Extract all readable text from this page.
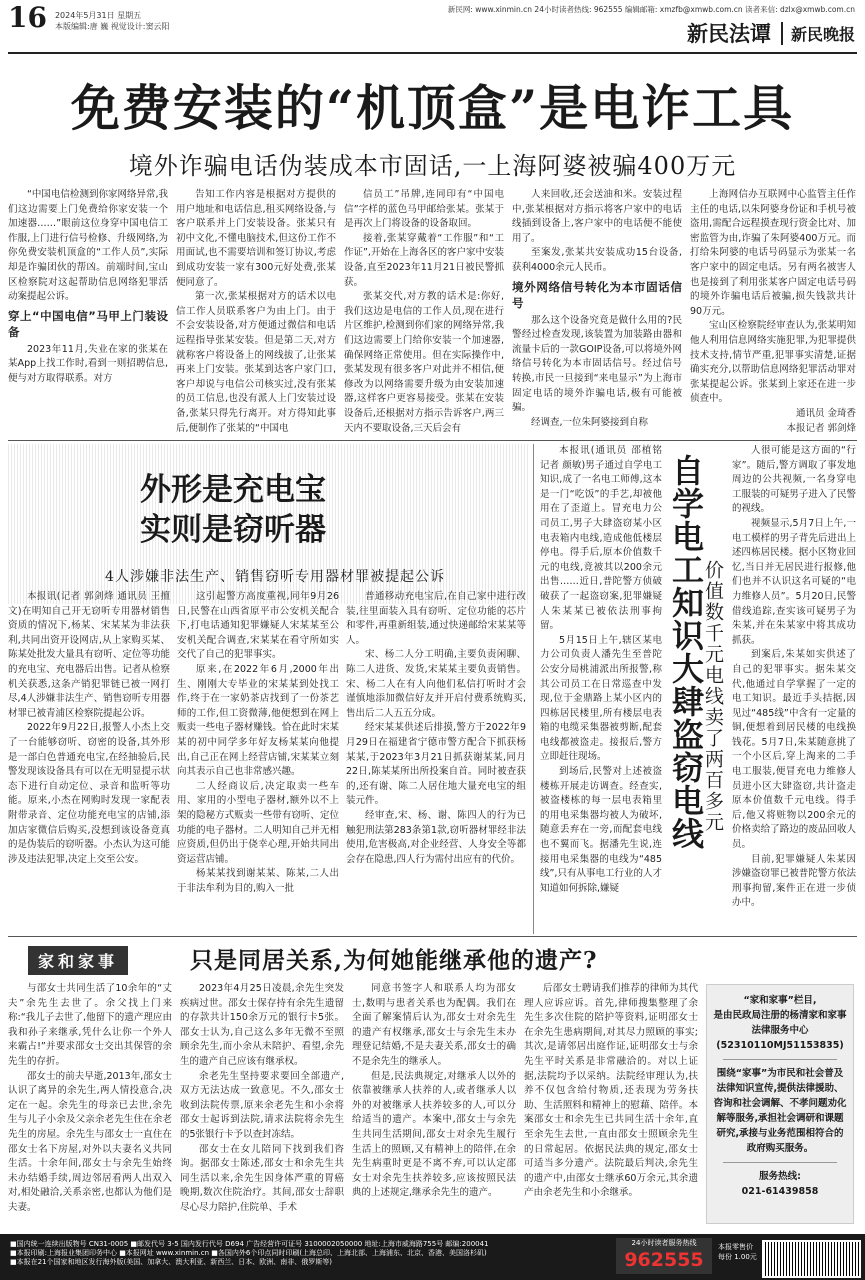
16 2024年5月31日 星期五
本版编辑:唐 巍 视觉设计:窦云阳
新民网: www.xinmin.cn 24小时读者热线: 962555 编辑邮箱: xmzfb@xmwb.com.cn 读者来信: dzlx@xmwb.com.cn
新民法谭	新民晚报
免费安装的“机顶盒”是电诈工具
境外诈骗电话伪装成本市固话,一上海阿婆被骗400万元

“中国电信检测到你家网络异常,我们这边需要上门免费给你家安装一个加速器……”眼前这位身穿中国电信工作服,上门进行信号检修、升级网络,为你免费安装机顶盒的“工作人员”,实际却是诈骗团伙的帮凶。前端时间,宝山区检察院对这起帮助信息网络犯罪活动案提起公诉。

穿上“中国电信”马甲上门装设备

2023年11月,失业在家的张某在某App上找工作时,看到一则招聘信息,便与对方取得联系。对方

告知工作内容是根据对方提供的用户地址和电话信息,租买网络设备,与客户联系并上门安装设备。张某只有初中文化,不懂电脑技术,但这份工作不用面试,也不需要培训和签订协议,考虑到成功安装一家有300元好处费,张某便同意了。

第一次,张某根据对方的话术以电信工作人员联系客户为由上门。由于不会安装设备,对方便通过微信和电话远程指导张某安装。但是第二天,对方就称客户将设备上的网线拔了,让张某再来上门安装。张某到达客户家门口,客户却说与电信公司核实过,没有张某的员工信息,也没有派人上门安装过设备,张某只得先行离开。对方得知此事后,便制作了张某的“中国电

信员工”吊牌,连同印有“中国电信”字样的蓝色马甲邮给张某。张某于是再次上门将设备的设备取回。

接着,张某穿戴着“工作服”和“工作证”,开始在上海各区的客户家中安装设备,直至2023年11月21日被民警抓获。

张某交代,对方教的话术是:你好,我们这边是电信的工作人员,现在进行片区维护,检测到你们家的网络异常,我们这边需要上门给你安装一个加速器,确保网络正常使用。但在实际操作中,张某发现有很多客户对此并不相信,便修改为以网络需要升级为由安装加速器,这样客户更容易接受。张某在安装设备后,还根据对方指示告诉客户,两三天内不要取设备,三天后会有

人来回收,还会送油和米。安装过程中,张某根据对方指示将客户家中的电话线插到设备上,客户家中的电话便不能使用了。

至案发,张某共安装成功15台设备,获利4000余元人民币。

境外网络信号转化为本市固话信号

那么这个设备究竟是做什么用的?民警经过检查发现,该装置为加装路由器和流量卡后的一款GOIP设备,可以将境外网络信号转化为本市固话信号。经过信号转换,市民一旦接到“来电显示”为上海市固定电话的境外诈骗电话,极有可能被骗。

经调查,一位朱阿婆接到自称

上海网信办互联网中心监管主任作主任的电话,以朱阿婆身份证和手机号被盗用,需配合远程摸查现行资金比对、加密监管为由,诈骗了朱阿婆400万元。而打给朱阿婆的电话号码显示为张某一名客户家中的固定电话。另有两名被害人也是接到了利用张某客户固定电话号码的境外诈骗电话后被骗,损失钱款共计90万元。

宝山区检察院经审查认为,张某明知他人利用信息网络实施犯罪,为犯罪提供技术支持,情节严重,犯罪事实清楚,证据确实充分,以帮助信息网络犯罪活动罪对张某提起公诉。张某到上家还在进一步侦查中。

通讯员 金琦香

本报记者 郭剑烽

外形是充电宝
实则是窃听器
4人涉嫌非法生产、销售窃听专用器材罪被提起公诉

本报讯(记者 郭剑烽 通讯员 王擅文)在明知自己开无窃听专用器材销售资质的情况下,杨某、宋某某为非法获利,共同出资开设网店,从上家购买某、陈某处批发大量具有窃听、定位等功能的充电宝、充电器后出售。记者从检察机关获悉,这条产销犯罪链已被一网打尽,4人涉嫌非法生产、销售窃听专用器材罪已被青浦区检察院提起公诉。

2022年9月22日,报警人小杰上交了一台能够窃听、窃密的设备,其外形是一部白色普通充电宝,在经抽验后,民警发现该设备具有可以在无明显提示状态下进行自动定位、录音和监听等功能。原来,小杰在网购时发现一家配表附带录音、定位功能充电宝的店铺,添加店家微信后购买,没想到该设备竟真的是伪装后的窃听器。小杰认为这可能涉及违法犯罪,决定上交至公安。

这引起警方高度重视,同年9月26日,民警在山西省原平市公安机关配合下,打电话通知犯罪嫌疑人宋某某至公安机关配合调查,宋某某在看守所如实交代了自己的犯罪事实。

原来,在2022年6月,2000年出生、刚刚大专毕业的宋某某到处找工作,终于在一家奶茶店找到了一份茶艺师的工作,但工资微薄,他便想到在网上贩卖一些电子器材赚钱。恰在此时宋某某的初中同学多年好友杨某某向他提出,自己正在网上经营店铺,宋某某立刻向其表示自己也非常感兴趣。

二人经商议后,决定取卖一些车用、家用的小型电子器材,额外以不上架的隐秘方式贩卖一些带有窃听、定位功能的电子器材。二人明知自己并无相应资质,但仍出于侥幸心理,开始共同出资运营店铺。

杨某某找到谢某某、陈某,二人出于非法牟利为目的,购入一批

普通移动充电宝后,在自己家中进行改装,往里面装入具有窃听、定位功能的芯片和零件,再重新组装,通过快递邮给宋某某等人。

宋、杨二人分工明确,主要负责闲聊、陈二人进货、发货,宋某某主要负责销售。宋、杨二人在有人向他们私信打听时才会谨慎地添加微信好友并开启付费系统购买,售出后二人五五分成。

经宋某某供述后排摸,警方于2022年9月29日在福建省宁德市警方配合下抓获杨某某,于2023年3月21日抓获谢某某,同月22日,陈某某所出所投案自首。同时被查获的,还有谢、陈二人居住地大量充电宝的组装元件。

经审查,宋、杨、谢、陈四人的行为已触犯刑法第283条第1款,窃听器材罪经非法使用,危害极高,对企业经营、人身安全等都会存在隐患,四人行为需付出应有的代价。

本报讯(通讯员 邵植铭 记者 颜敏)男子通过自学电工知识,成了一名电工师傅,这本是一门“吃饭”的手艺,却被他用在了歪道上。冒充电力公司员工,男子大肆盗窃某小区电表箱内电线,造成他低楼层停电。得手后,原本价值数千元的电线,竟被其以200余元出售……近日,普陀警方侦破破获了一起盗窃案,犯罪嫌疑人朱某某已被依法刑事拘留。

5月15日上午,辖区某电力公司负责人潘先生至普陀公安分局桃浦派出所报警,称其公司员工在日常巡查中发现,位于金鼎路上某小区内的四栋居民楼里,所有楼层电表箱的电缆采集器被剪断,配套电线都被盗走。接报后,警方立即赶往现场。

到场后,民警对上述被盗楼栋开展走访调查。经查实,被盗楼栋的每一层电表箱里的用电采集器均被人为破坏,随意丢弃在一旁,而配套电线也不翼而飞。据潘先生说,连接用电采集器的电线为“485线”,只有从事电工行业的人才知道如何拆除,嫌疑

自学电工知识大肆盗窃电线
价值数千元电线卖了两百多元

人很可能是这方面的“行家”。随后,警方调取了事发地周边的公共视频,一名身穿电工服装的可疑男子进入了民警的视线。

视频显示,5月7日上午,一电工模样的男子背先后进出上述四栋居民楼。据小区物业回忆,当日并无居民进行报修,他们也并不认识这名可疑的“电力维修人员”。5月20日,民警借线追踪,查实该可疑男子为朱某,并在朱某家中将其成功抓获。

到案后,朱某如实供述了自己的犯罪事实。据朱某交代,他通过自学掌握了一定的电工知识。最近手头拮据,因见过“485线”中含有一定量的铜,便想着到居民楼的电线换钱花。5月7日,朱某随意挑了一个小区后,穿上淘来的二手电工服装,便冒充电力维修人员进小区大肆盗窃,共计盗走原本价值数千元电线。得手后,他又将赃物以200余元的价格卖给了路边的废品回收人员。

目前,犯罪嫌疑人朱某因涉嫌盗窃罪已被普陀警方依法刑事拘留,案件正在进一步侦办中。

家和家事	只是同居关系,为何她能继承他的遗产?

与邵女士共同生活了10余年的“丈夫”余先生去世了。余父找上门来称:“我儿子去世了,他留下的遗产理应由我和孙子来继承,凭什么让你一个外人来霸占!”并要求邵女士交出其保管的余先生的存折。

邵女士的前夫早逝,2013年,邵女士认识了离异的余先生,两人情投意合,决定在一起。余先生的母亲已去世,余先生与儿子小余及父亲余老先生住在余老先生的房屋。余先生与邵女士一直住在邵女士名下房屋,对外以夫妻名义共同生活。十余年间,邵女士与余先生始终未办结婚手续,周边邻居看两人出双入对,相处融洽,关系亲密,也都认为他们是夫妻。

2023年4月25日凌晨,余先生突发疾病过世。邵女士保存持有余先生遗留的存款共计150余万元的银行卡5张。邵女士认为,自己这么多年无微不至照顾余先生,而小余从未陪护、看望,余先生的遗产自己应该有继承权。

余老先生坚持要求要回全部遗产,双方无法达成一致意见。不久,邵女士收到法院传票,原来余老先生和小余将邵女士起诉到法院,请求法院将余先生的5张银行卡予以查封冻结。

邵女士在女儿陪同下找到我们咨询。据邵女士陈述,邵女士和余先生共同生活以来,余先生因身体严重的胃癌晚期,数次住院治疗。其间,邵女士辞职尽心尽力陪护,住院单、手术

同意书签字人和联系人均为邵女士,数明与患者关系也为配偶。我们在全面了解案情后认为,邵女士对余先生的遗产有权继承,邵女士与余先生未办理登记结婚,不是夫妻关系,邵女士的确不是余先生的继承人。

但是,民法典规定,对继承人以外的依靠被继承人扶养的人,或者继承人以外的对被继承人扶养较多的人,可以分给适当的遗产。本案中,邵女士与余先生共同生活期间,邵女士对余先生履行生活上的照顾,又有精神上的陪伴,在余先生病重时更是不离不弃,可以认定邵女士对余先生扶养较多,应该按照民法典的上述规定,继承余先生的遗产。

后邵女士聘请我们推荐的律师为其代理人应诉应诉。首先,律师搜集整理了余先生多次住院的陪护等资料,证明邵女士在余先生患病期间,对其尽力照顾的事实;其次,是请邻居出庭作证,证明邵女士与余先生平时关系是非常融洽的。对以上证据,法院均予以采纳。法院经审理认为,扶养不仅包含给付物质,还表现为劳务扶助、生活照料和精神上的慰藉、陪伴。本案邵女士和余先生已共同生活十余年,直至余先生去世,一直由邵女士照顾余先生的日常起居。依据民法典的规定,邵女士可适当多分遗产。法院最后判决,余先生的遗产中,由邵女士继承60万余元,其余遗产由余老先生和小余继承。

“家和家事”栏目,
是由民政局注册的杨清家和家事法律服务中心
(52310110MJ51153835)
围绕“家事”为市民和社会普及法律知识宣传,提供法律援助、咨询和社会调解、不孝问题劝化解等服务,承担社会调研和课题研究,承接与业务范围相符合的政府购买服务。
服务热线:
021-61439858
■国内统一连续出版物号 CN31-0005 ■邮发代号 3-5 国内发行代号 D694 广告经营许可证号 3100002050000 地址:上海市威海路755号 邮编:200041
■本报印刷:上海报业集团印务中心 ■本报网址 www.xinmin.cn ■各国内外6个印点同时印刷(上海总印、上海北部、上海浦东、北京、香港、美国洛杉矶)
■本报在21个国家和地区发行海外版(美国、加拿大、澳大利亚、新西兰、日本、欧洲、南非、俄罗斯等)
24小时读者服务热线
962555
本报零售价
每份 1.00元
